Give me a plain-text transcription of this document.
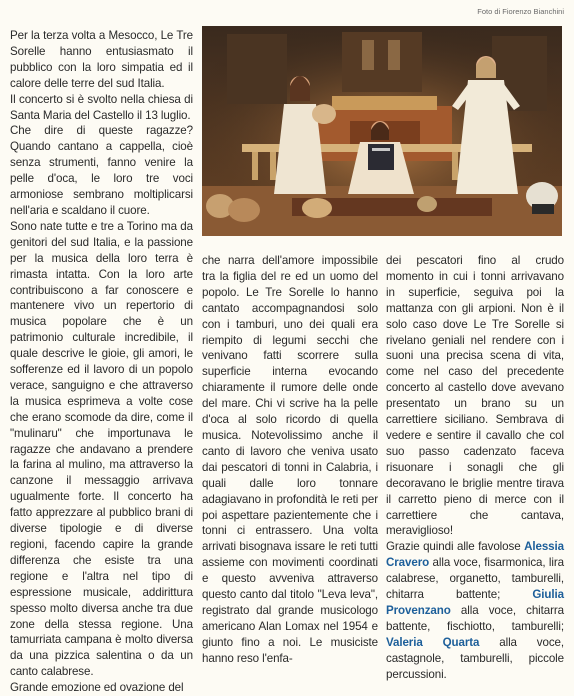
Per la terza volta a Mesocco, Le Tre Sorelle hanno entusiasmato il pubblico con la loro simpatia ed il calore delle terre del sud Italia.

Il concerto si è svolto nella chiesa di Santa Maria del Castello il 13 luglio.

Che dire di queste ragazze? Quando cantano a cappella, cioè senza strumenti, fanno venire la pelle d'oca, le loro tre voci armoniose sembrano moltiplicarsi nell'aria e scaldano il cuore.

Sono nate tutte e tre a Torino ma da genitori del sud Italia, e la passione per la musica della loro terra è rimasta intatta. Con la loro arte contribuiscono a far conoscere e mantenere vivo un repertorio di musica popolare che è un patrimonio culturale incredibile, il quale descrive le gioie, gli amori, le sofferenze ed il lavoro di un popolo verace, sanguigno e che attraverso la musica esprimeva a volte cose che erano scomode da dire, come il "mulinaru" che importunava le ragazze che andavano a prendere la farina al mulino, ma attraverso la canzone il messaggio arrivava ugualmente forte. Il concerto ha fatto apprezzare al pubblico brani di diverse tipologie e di diverse regioni, facendo capire la grande differenza che esiste tra una regione e l'altra nel tipo di espressione musicale, addirittura spesso molto diversa anche tra due zone della stessa regione. Una tamurriata campana è molto diversa da una pizzica salentina o da un canto calabrese.

Grande emozione ed ovazione del

Foto di Fiorenzo Bianchini

che narra dell'amore impossibile tra la figlia del re ed un uomo del popolo. Le Tre Sorelle lo hanno cantato accompagnandosi solo con i tamburi, uno dei quali era riempito di legumi secchi che venivano fatti scorrere sulla superficie interna evocando chiaramente il rumore delle onde del mare. Chi vi scrive ha la pelle d'oca al solo ricordo di quella musica. Notevolissimo anche il canto di lavoro che veniva usato dai pescatori di tonni in Calabria, i quali dalle loro tonnare adagiavano in profondità le reti per poi aspettare pazientemente che i tonni ci entrassero. Una volta arrivati bisognava issare le reti tutti assieme con movimenti coordinati e questo avveniva attraverso questo canto dal titolo "Leva leva", registrato dal grande musicologo americano Alan Lomax nel 1954 e giunto fino a noi. Le musiciste hanno reso l'enfa-

dei pescatori fino al crudo momento in cui i tonni arrivavano in superficie, seguiva poi la mattanza con gli arpioni. Non è il solo caso dove Le Tre Sorelle si rivelano geniali nel rendere con i suoni una precisa scena di vita, come nel caso del precedente concerto al castello dove avevano presentato un brano su un carrettiere siciliano. Sembrava di vedere e sentire il cavallo che col suo passo cadenzato faceva risuonare i sonagli che gli decoravano le briglie mentre tirava il carretto pieno di merce con il carrettiere che cantava, meraviglioso!

Grazie quindi alle favolose Alessia Cravero alla voce, fisarmonica, lira calabrese, organetto, tamburelli, chitarra battente; Giulia Provenzano alla voce, chitarra battente, fischiotto, tamburelli; Valeria Quarta alla voce, castagnole, tamburelli, piccole percussioni.
